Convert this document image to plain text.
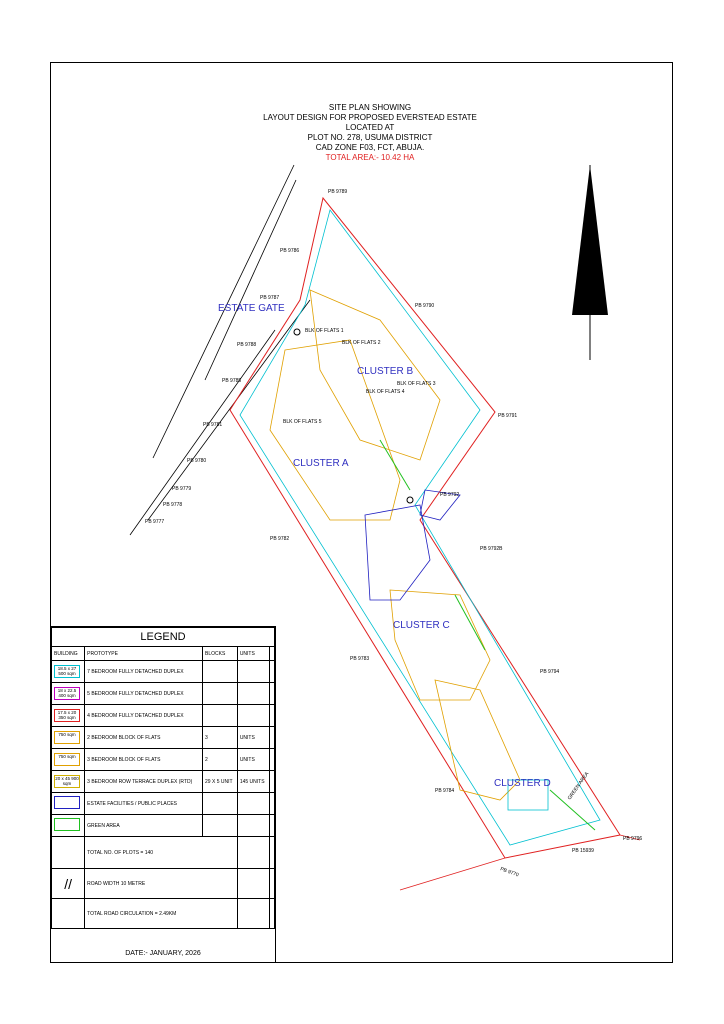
SITE PLAN SHOWING
LAYOUT DESIGN FOR PROPOSED EVERSTEAD ESTATE
LOCATED AT
PLOT NO. 278, USUMA DISTRICT
CAD ZONE F03, FCT, ABUJA.
TOTAL AREA:- 10.42 HA
CLUSTER A
CLUSTER B
CLUSTER C
CLUSTER D
ESTATE GATE
GREEN AREA
BLK OF FLATS 1
BLK OF FLATS 2
BLK OF FLATS 3
BLK OF FLATS 4
BLK OF FLATS 5
PB 9789
PB 9786
PB 9787
PB 9790
PB 9788
PB 9785
PB 9781
PB 9780
PB 9779
PB 9778
PB 9777
PB 9791
PB 9792
PB 9782
PB 9792B
PB 9783
PB 9794
PB 9784
PB 9796
PB 15939
PB 9770
LEGEND				
BUILDING	PROTOTYPE	BLOCKS	UNITS	
18.5 x 27 500 sqm	7 BEDROOM FULLY DETACHED DUPLEX			
18 x 22.5 400 sqm	5 BEDROOM FULLY DETACHED DUPLEX			
17.5 x 20 350 sqm	4 BEDROOM FULLY DETACHED DUPLEX			
750 sqm	2 BEDROOM BLOCK OF FLATS	3	UNITS	
750 sqm	3 BEDROOM BLOCK OF FLATS	2	UNITS	
20 x 45 900 sqm	3 BEDROOM ROW TERRACE DUPLEX (RTD)	29 X 5 UNIT	145 UNITS	
	ESTATE FACILITIES / PUBLIC PLACES			
	GREEN AREA			
	TOTAL NO. OF PLOTS = 140			
//	ROAD WIDTH 10 METRE			
	TOTAL ROAD CIRCULATION = 2.49KM			
DATE:- JANUARY, 2026
